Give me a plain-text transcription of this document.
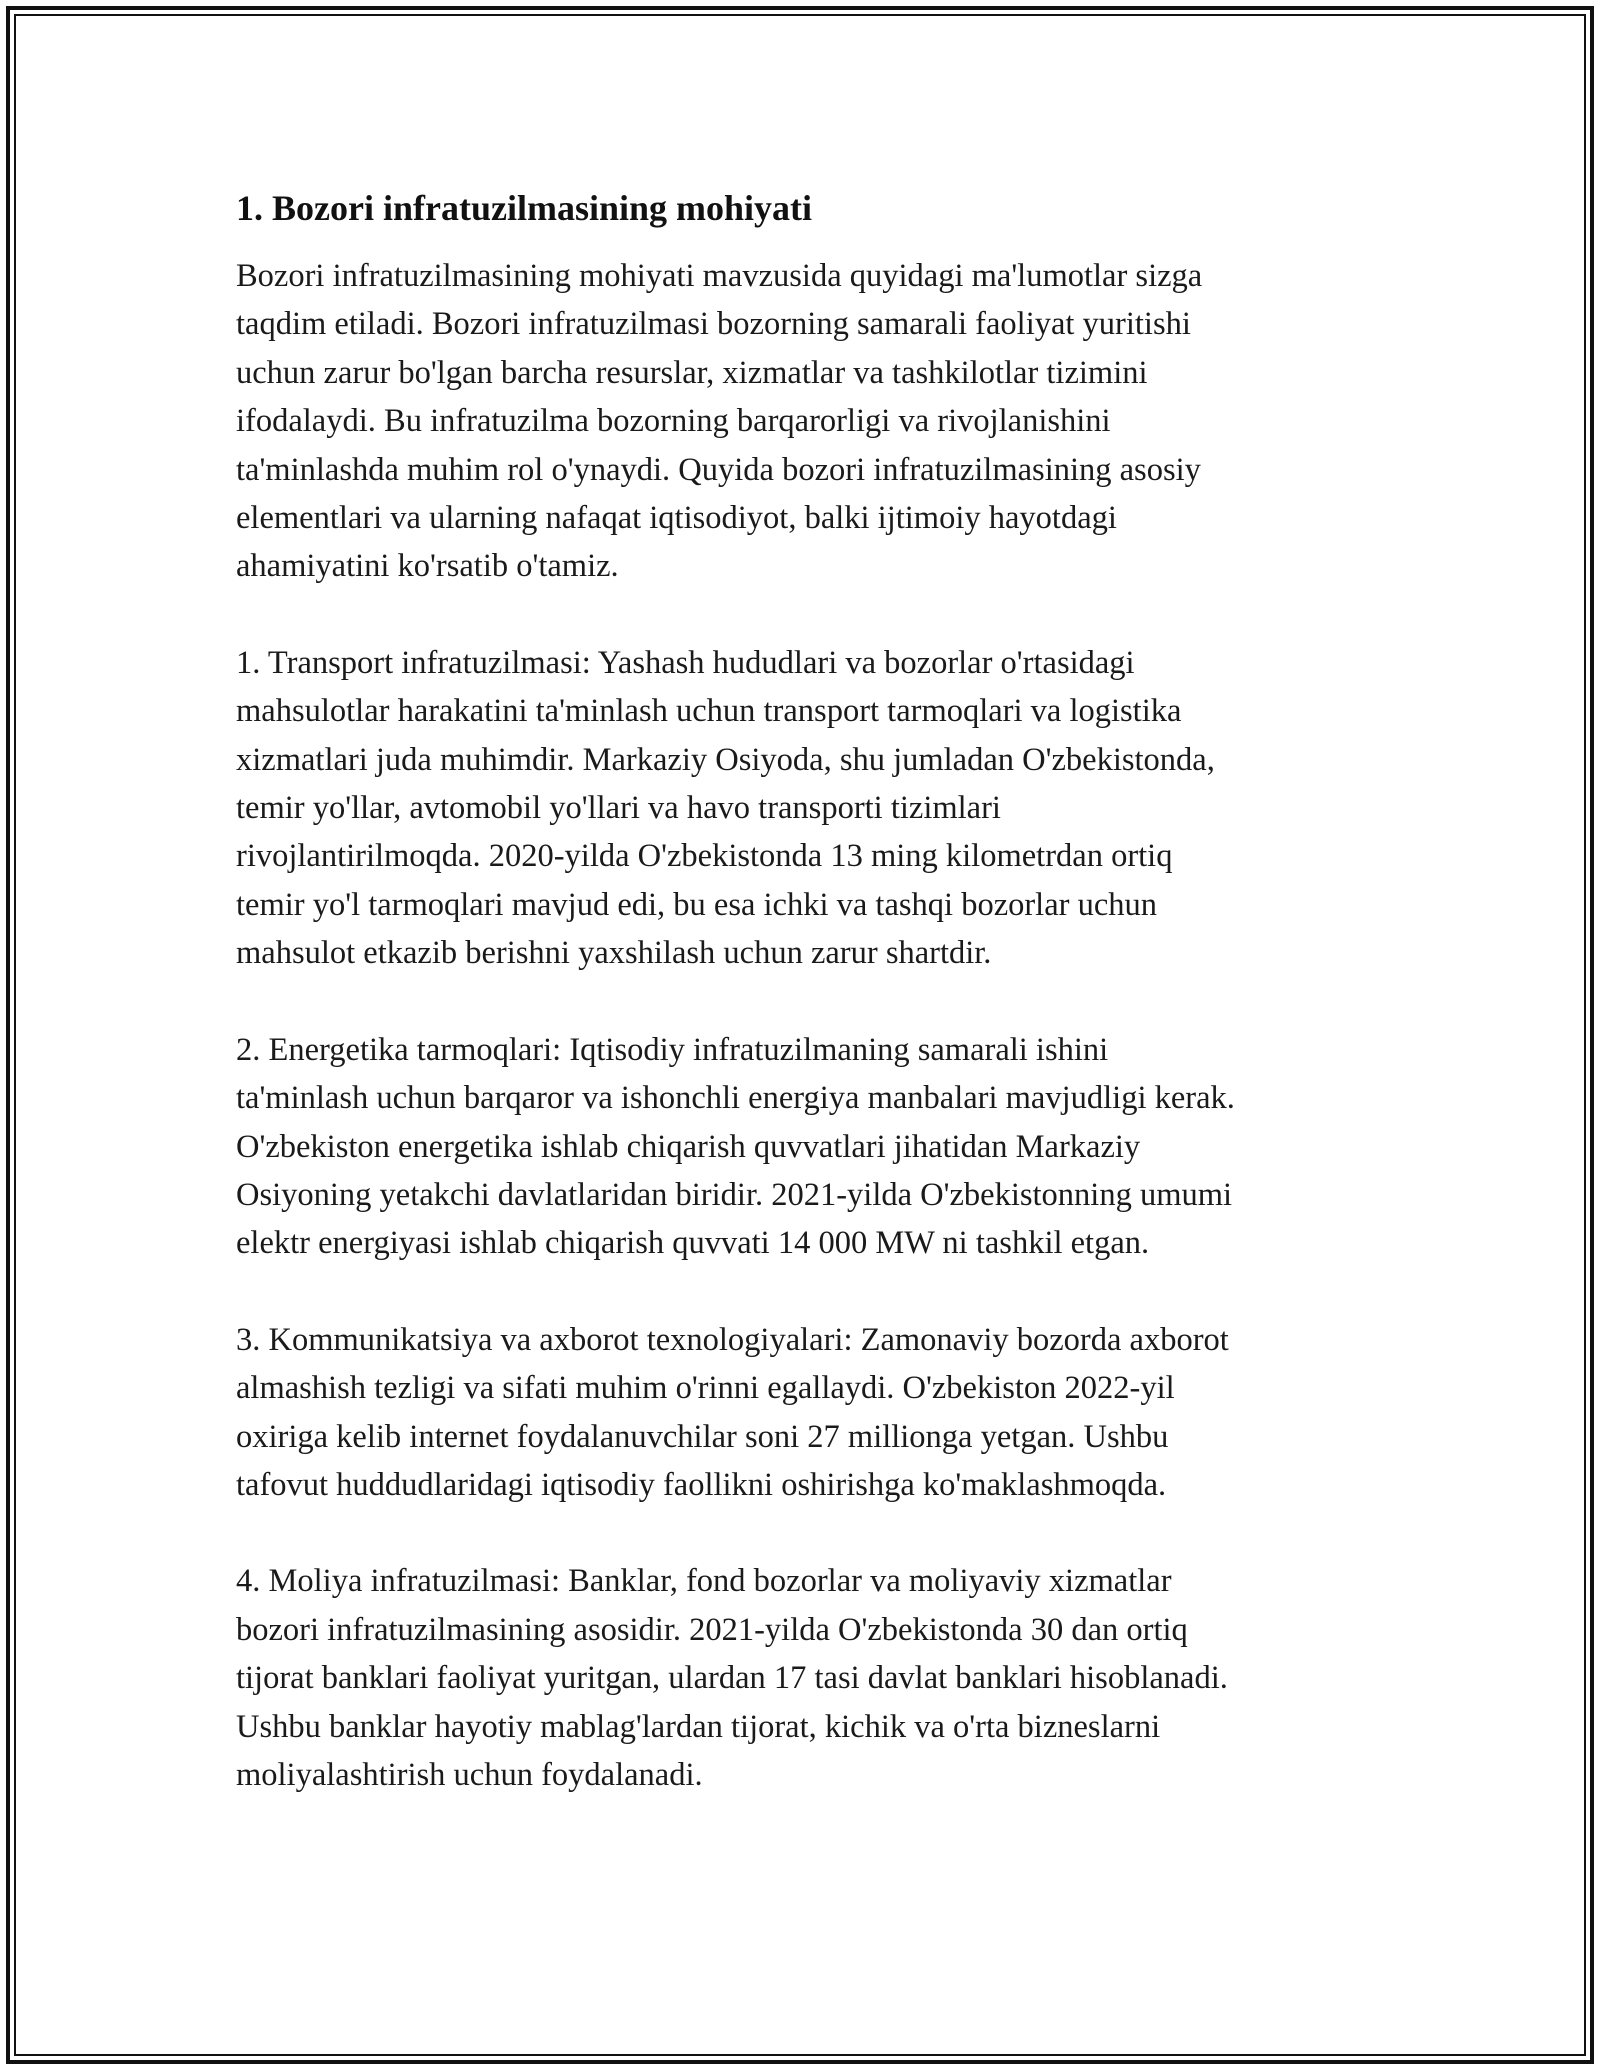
1. Bozori infratuzilmasining mohiyati

Bozori infratuzilmasining mohiyati mavzusida quyidagi ma'lumotlar sizga
taqdim etiladi. Bozori infratuzilmasi bozorning samarali faoliyat yuritishi
uchun zarur bo'lgan barcha resurslar, xizmatlar va tashkilotlar tizimini
ifodalaydi. Bu infratuzilma bozorning barqarorligi va rivojlanishini
ta'minlashda muhim rol o'ynaydi. Quyida bozori infratuzilmasining asosiy
elementlari va ularning nafaqat iqtisodiyot, balki ijtimoiy hayotdagi
ahamiyatini ko'rsatib o'tamiz.

1. Transport infratuzilmasi: Yashash hududlari va bozorlar o'rtasidagi
mahsulotlar harakatini ta'minlash uchun transport tarmoqlari va logistika
xizmatlari juda muhimdir. Markaziy Osiyoda, shu jumladan O'zbekistonda,
temir yo'llar, avtomobil yo'llari va havo transporti tizimlari
rivojlantirilmoqda. 2020-yilda O'zbekistonda 13 ming kilometrdan ortiq
temir yo'l tarmoqlari mavjud edi, bu esa ichki va tashqi bozorlar uchun
mahsulot etkazib berishni yaxshilash uchun zarur shartdir.

2. Energetika tarmoqlari: Iqtisodiy infratuzilmaning samarali ishini
ta'minlash uchun barqaror va ishonchli energiya manbalari mavjudligi kerak.
O'zbekiston energetika ishlab chiqarish quvvatlari jihatidan Markaziy
Osiyoning yetakchi davlatlaridan biridir. 2021-yilda O'zbekistonning umumi
elektr energiyasi ishlab chiqarish quvvati 14 000 MW ni tashkil etgan.

3. Kommunikatsiya va axborot texnologiyalari: Zamonaviy bozorda axborot
almashish tezligi va sifati muhim o'rinni egallaydi. O'zbekiston 2022-yil
oxiriga kelib internet foydalanuvchilar soni 27 millionga yetgan. Ushbu
tafovut huddudlaridagi iqtisodiy faollikni oshirishga ko'maklashmoqda.

4. Moliya infratuzilmasi: Banklar, fond bozorlar va moliyaviy xizmatlar
bozori infratuzilmasining asosidir. 2021-yilda O'zbekistonda 30 dan ortiq
tijorat banklari faoliyat yuritgan, ulardan 17 tasi davlat banklari hisoblanadi.
Ushbu banklar hayotiy mablag'lardan tijorat, kichik va o'rta bizneslarni
moliyalashtirish uchun foydalanadi.
